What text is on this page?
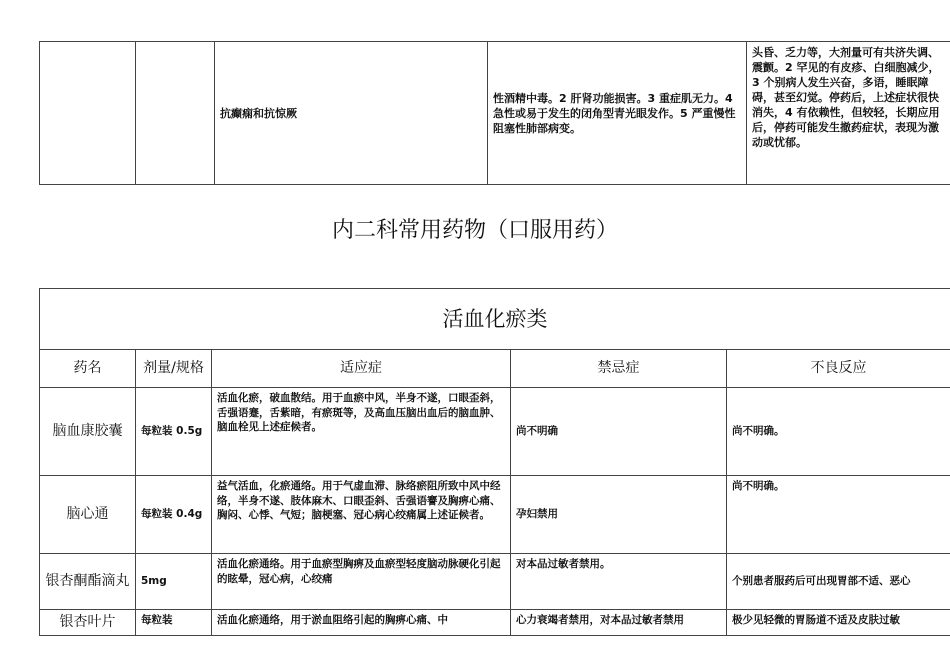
		抗癫痫和抗惊厥	性酒精中毒。2 肝肾功能损害。3 重症肌无力。4 急性或易于发生的闭角型青光眼发作。5 严重慢性阻塞性肺部病变。	头昏、乏力等，大剂量可有共济失调、震颤。2 罕见的有皮疹、白细胞减少，3 个别病人发生兴奋，多语，睡眠障碍，甚至幻觉。停药后，上述症状很快消失，4 有依赖性，但较轻，长期应用后，停药可能发生撤药症状，表现为激动或忧郁。
内二科常用药物（口服用药）
活血化瘀类				
药名	剂量/规格	适应症	禁忌症	不良反应
脑血康胶囊	每粒装 0.5g	活血化瘀，破血散结。用于血瘀中风，半身不遂，口眼歪斜，舌强语蹇，舌紫暗，有瘀斑等，及高血压脑出血后的脑血肿、脑血栓见上述症候者。	尚不明确	尚不明确。
脑心通	每粒装 0.4g	益气活血，化瘀通络。用于气虚血滞、脉络瘀阻所致中风中经络，半身不遂、肢体麻木、口眼歪斜、舌强语謇及胸痹心痛、胸闷、心悸、气短；脑梗塞、冠心病心绞痛属上述证候者。	孕妇禁用	尚不明确。
银杏酮酯滴丸	5mg	活血化瘀通络。用于血瘀型胸痹及血瘀型轻度脑动脉硬化引起的眩晕，冠心病，心绞痛	对本品过敏者禁用。	个别患者服药后可出现胃部不适、恶心
银杏叶片	每粒装	活血化瘀通络，用于淤血阻络引起的胸痹心痛、中	心力衰竭者禁用，对本品过敏者禁用	极少见轻微的胃肠道不适及皮肤过敏
